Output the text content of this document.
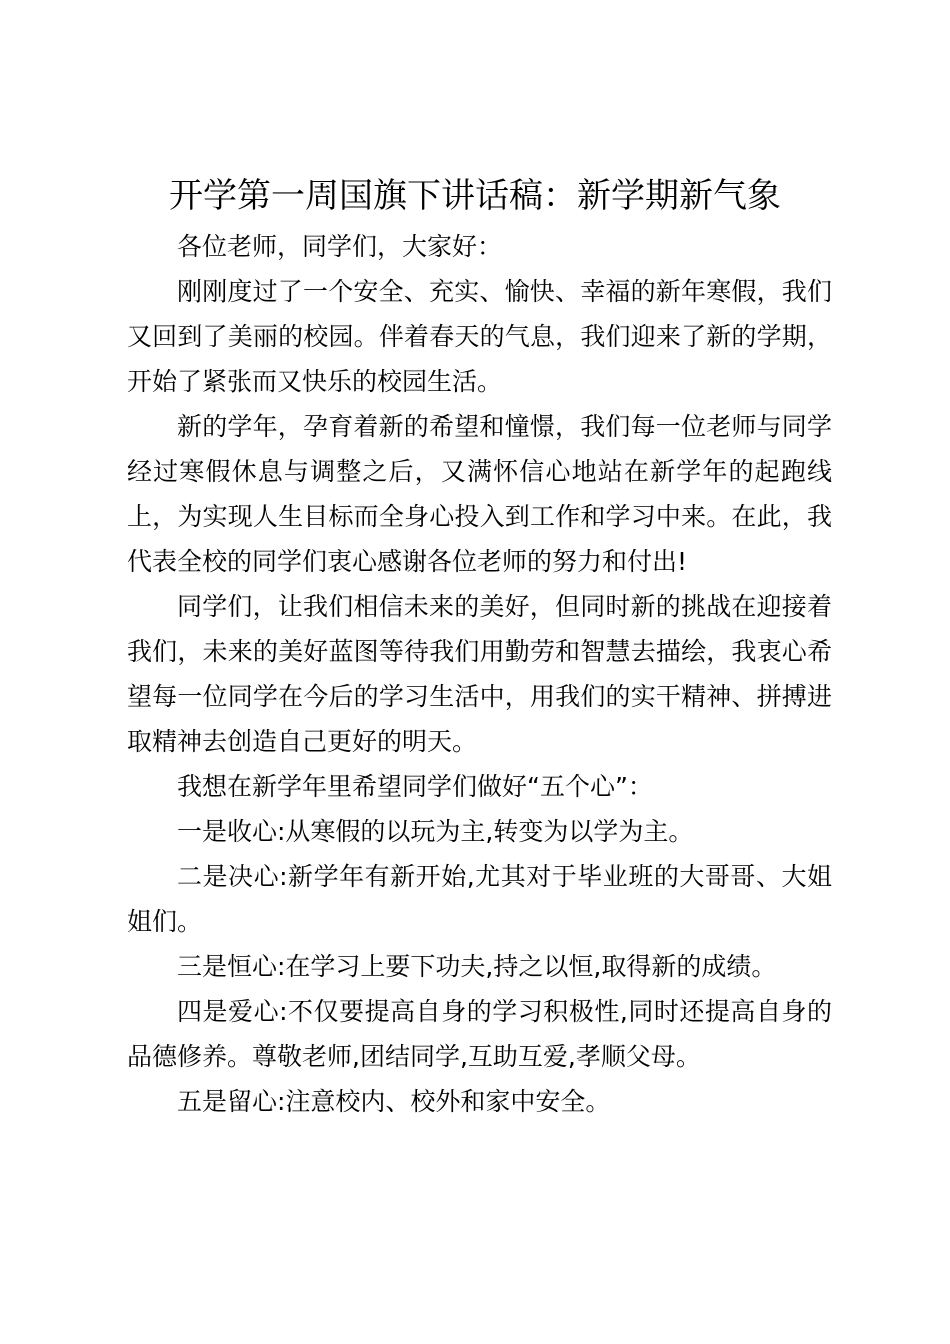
开学第一周国旗下讲话稿：新学期新气象

各位老师，同学们，大家好：

刚刚度过了一个安全、充实、愉快、幸福的新年寒假，我们又回到了美丽的校园。伴着春天的气息，我们迎来了新的学期，开始了紧张而又快乐的校园生活。

新的学年，孕育着新的希望和憧憬，我们每一位老师与同学经过寒假休息与调整之后，又满怀信心地站在新学年的起跑线上，为实现人生目标而全身心投入到工作和学习中来。在此，我代表全校的同学们衷心感谢各位老师的努力和付出!

同学们，让我们相信未来的美好，但同时新的挑战在迎接着我们，未来的美好蓝图等待我们用勤劳和智慧去描绘，我衷心希望每一位同学在今后的学习生活中，用我们的实干精神、拼搏进取精神去创造自己更好的明天。

我想在新学年里希望同学们做好“五个心”：

一是收心:从寒假的以玩为主,转变为以学为主。

二是决心:新学年有新开始,尤其对于毕业班的大哥哥、大姐姐们。

三是恒心:在学习上要下功夫,持之以恒,取得新的成绩。

四是爱心:不仅要提高自身的学习积极性,同时还提高自身的品德修养。尊敬老师,团结同学,互助互爱,孝顺父母。

五是留心:注意校内、校外和家中安全。
